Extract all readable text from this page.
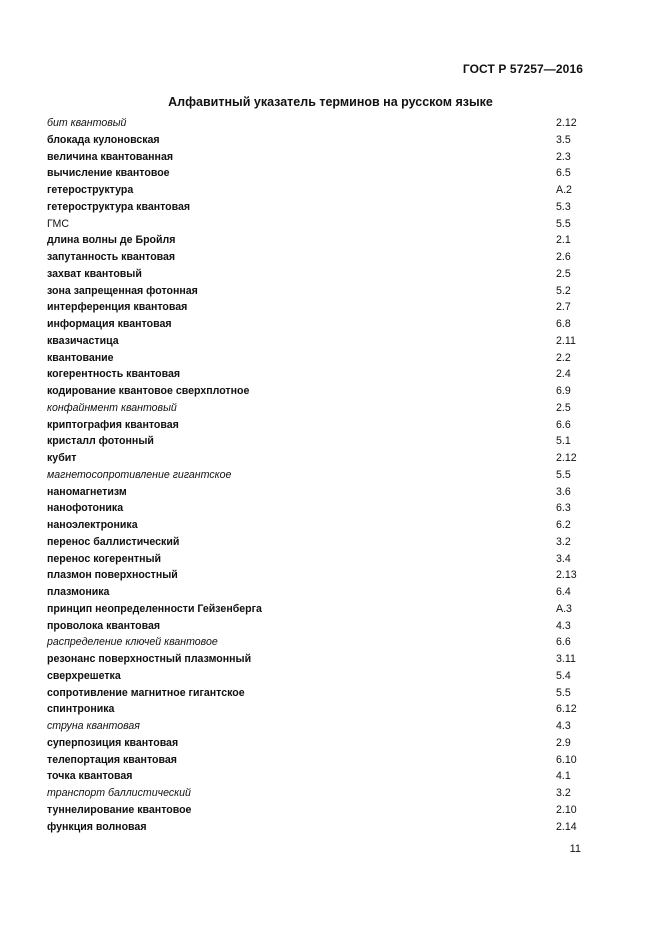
ГОСТ Р 57257—2016
Алфавитный указатель терминов на русском языке
бит квантовый	2.12
блокада кулоновская	3.5
величина квантованная	2.3
вычисление квантовое	6.5
гетероструктура	А.2
гетероструктура квантовая	5.3
ГМС	5.5
длина волны де Бройля	2.1
запутанность квантовая	2.6
захват квантовый	2.5
зона запрещенная фотонная	5.2
интерференция квантовая	2.7
информация квантовая	6.8
квазичастица	2.11
квантование	2.2
когерентность квантовая	2.4
кодирование квантовое сверхплотное	6.9
конфайнмент квантовый	2.5
криптография квантовая	6.6
кристалл фотонный	5.1
кубит	2.12
магнетосопротивление гигантское	5.5
наномагнетизм	3.6
нанофотоника	6.3
наноэлектроника	6.2
перенос баллистический	3.2
перенос когерентный	3.4
плазмон поверхностный	2.13
плазмоника	6.4
принцип неопределенности Гейзенберга	А.3
проволока квантовая	4.3
распределение ключей квантовое	6.6
резонанс поверхностный плазмонный	3.11
сверхрешетка	5.4
сопротивление магнитное гигантское	5.5
спинтроника	6.12
струна квантовая	4.3
суперпозиция квантовая	2.9
телепортация квантовая	6.10
точка квантовая	4.1
транспорт баллистический	3.2
туннелирование квантовое	2.10
функция волновая	2.14
11
